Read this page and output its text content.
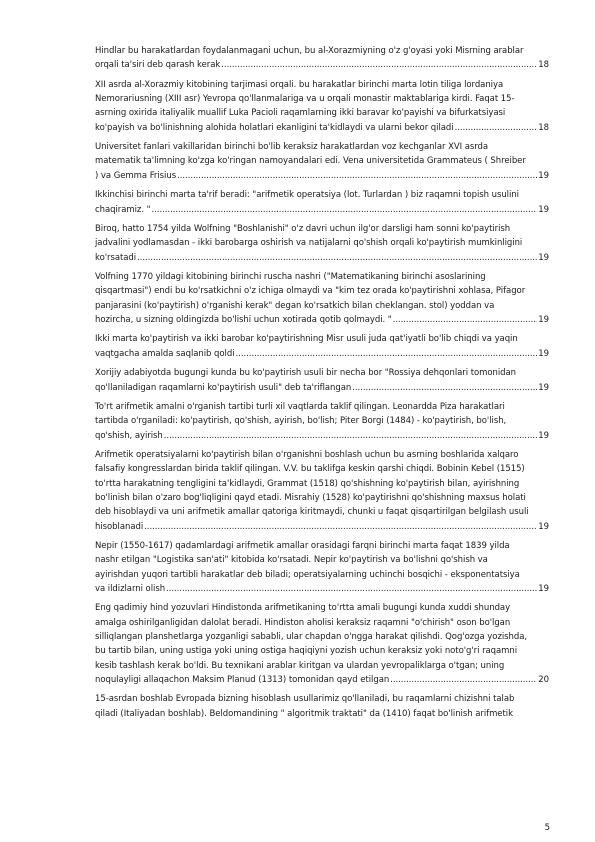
Hindlar bu harakatlardan foydalanmagani uchun, bu al-Xorazmiyning o'z g'oyasi yoki Misrning arablar
orqali ta'siri deb qarash kerak .....	18
XII asrda al-Xorazmiy kitobining tarjimasi orqali. bu harakatlar birinchi marta lotin tiliga lordaniya
Nemorariusning (XIII asr) Yevropa qo'llanmalariga va u orqali monastir maktablariga kirdi. Faqat 15-
asrning oxirida italiyalik muallif Luka Pacioli raqamlarning ikki baravar ko'payishi va bifurkatsiyasi
ko'payish va bo'linishning alohida holatlari ekanligini ta'kidlaydi va ularni bekor qiladi .....	18
Universitet fanlari vakillaridan birinchi bo'lib keraksiz harakatlardan voz kechganlar XVI asrda
matematik ta'limning ko'zga ko'ringan namoyandalari edi. Vena universitetida Grammateus ( Shreiber
) va Gemma Frisius .....	19
Ikkinchisi birinchi marta ta'rif beradi: "arifmetik operatsiya (lot. Turlardan ) biz raqamni topish usulini
chaqiramiz. " .....	19
Biroq, hatto 1754 yilda Wolfning "Boshlanishi" o'z davri uchun ilg'or darsligi ham sonni ko'paytirish
jadvalini yodlamasdan - ikki barobarga oshirish va natijalarni qo'shish orqali ko'paytirish mumkinligini
ko'rsatadi .....	19
Volfning 1770 yildagi kitobining birinchi ruscha nashri ("Matematikaning birinchi asoslarining
qisqartmasi") endi bu ko'rsatkichni o'z ichiga olmaydi va "kim tez orada ko'paytirishni xohlasa, Pifagor
panjarasini (ko'paytirish) o'rganishi kerak" degan ko'rsatkich bilan cheklangan. stol) yoddan va
hozircha, u sizning oldingizda bo'lishi uchun xotirada qotib qolmaydi. " .....	19
Ikki marta ko'paytirish va ikki barobar ko'paytirishning Misr usuli juda qat'iyatli bo'lib chiqdi va yaqin
vaqtgacha amalda saqlanib qoldi .....	19
Xorijiy adabiyotda bugungi kunda bu ko'paytirish usuli bir necha bor "Rossiya dehqonlari tomonidan
qo'llaniladigan raqamlarni ko'paytirish usuli" deb ta'riflangan .....	19
To'rt arifmetik amalni o'rganish tartibi turli xil vaqtlarda taklif qilingan. Leonardda Piza harakatlari
tartibda o'rganiladi: ko'paytirish, qo'shish, ayirish, bo'lish; Piter Borgi (1484) - ko'paytirish, bo'lish,
qo'shish, ayirish .....	19
Arifmetik operatsiyalarni ko'paytirish bilan o'rganishni boshlash uchun bu asrning boshlarida xalqaro
falsafiy kongresslardan birida taklif qilingan. V.V. bu taklifga keskin qarshi chiqdi. Bobinin Kebel (1515)
to'rtta harakatning tengligini ta'kidlaydi, Grammat (1518) qo'shishning ko'paytirish bilan, ayirishning
bo'linish bilan o'zaro bog'liqligini qayd etadi. Misrahiy (1528) ko'paytirishni qo'shishning maxsus holati
deb hisoblaydi va uni arifmetik amallar qatoriga kiritmaydi, chunki u faqat qisqartirilgan belgilash usuli
hisoblanadi .....	19
Nepir (1550-1617) qadamlardagi arifmetik amallar orasidagi farqni birinchi marta faqat 1839 yilda
nashr etilgan "Logistika san'ati" kitobida ko'rsatadi. Nepir ko'paytirish va bo'lishni qo'shish va
ayirishdan yuqori tartibli harakatlar deb biladi; operatsiyalarning uchinchi bosqichi - eksponentatsiya
va ildizlarni olish .....	19
Eng qadimiy hind yozuvlari Hindistonda arifmetikaning to'rtta amali bugungi kunda xuddi shunday
amalga oshirilganligidan dalolat beradi. Hindiston aholisi keraksiz raqamni "o'chirish" oson bo'lgan
silliqlangan planshetlarga yozganligi sababli, ular chapdan o'ngga harakat qilishdi. Qog'ozga yozishda,
bu tartib bilan, uning ustiga yoki uning ostiga haqiqiyni yozish uchun keraksiz yoki noto'g'ri raqamni
kesib tashlash kerak bo'ldi. Bu texnikani arablar kiritgan va ulardan yevropaliklarga o'tgan; uning
noqulayligi allaqachon Maksim Planud (1313) tomonidan qayd etilgan .....	20
15-asrdan boshlab Evropada bizning hisoblash usullarimiz qo'llaniladi, bu raqamlarni chizishni talab
qiladi (Italiyadan boshlab). Beldomandining " algoritmik traktati" da (1410) faqat bo'linish arifmetik
5
